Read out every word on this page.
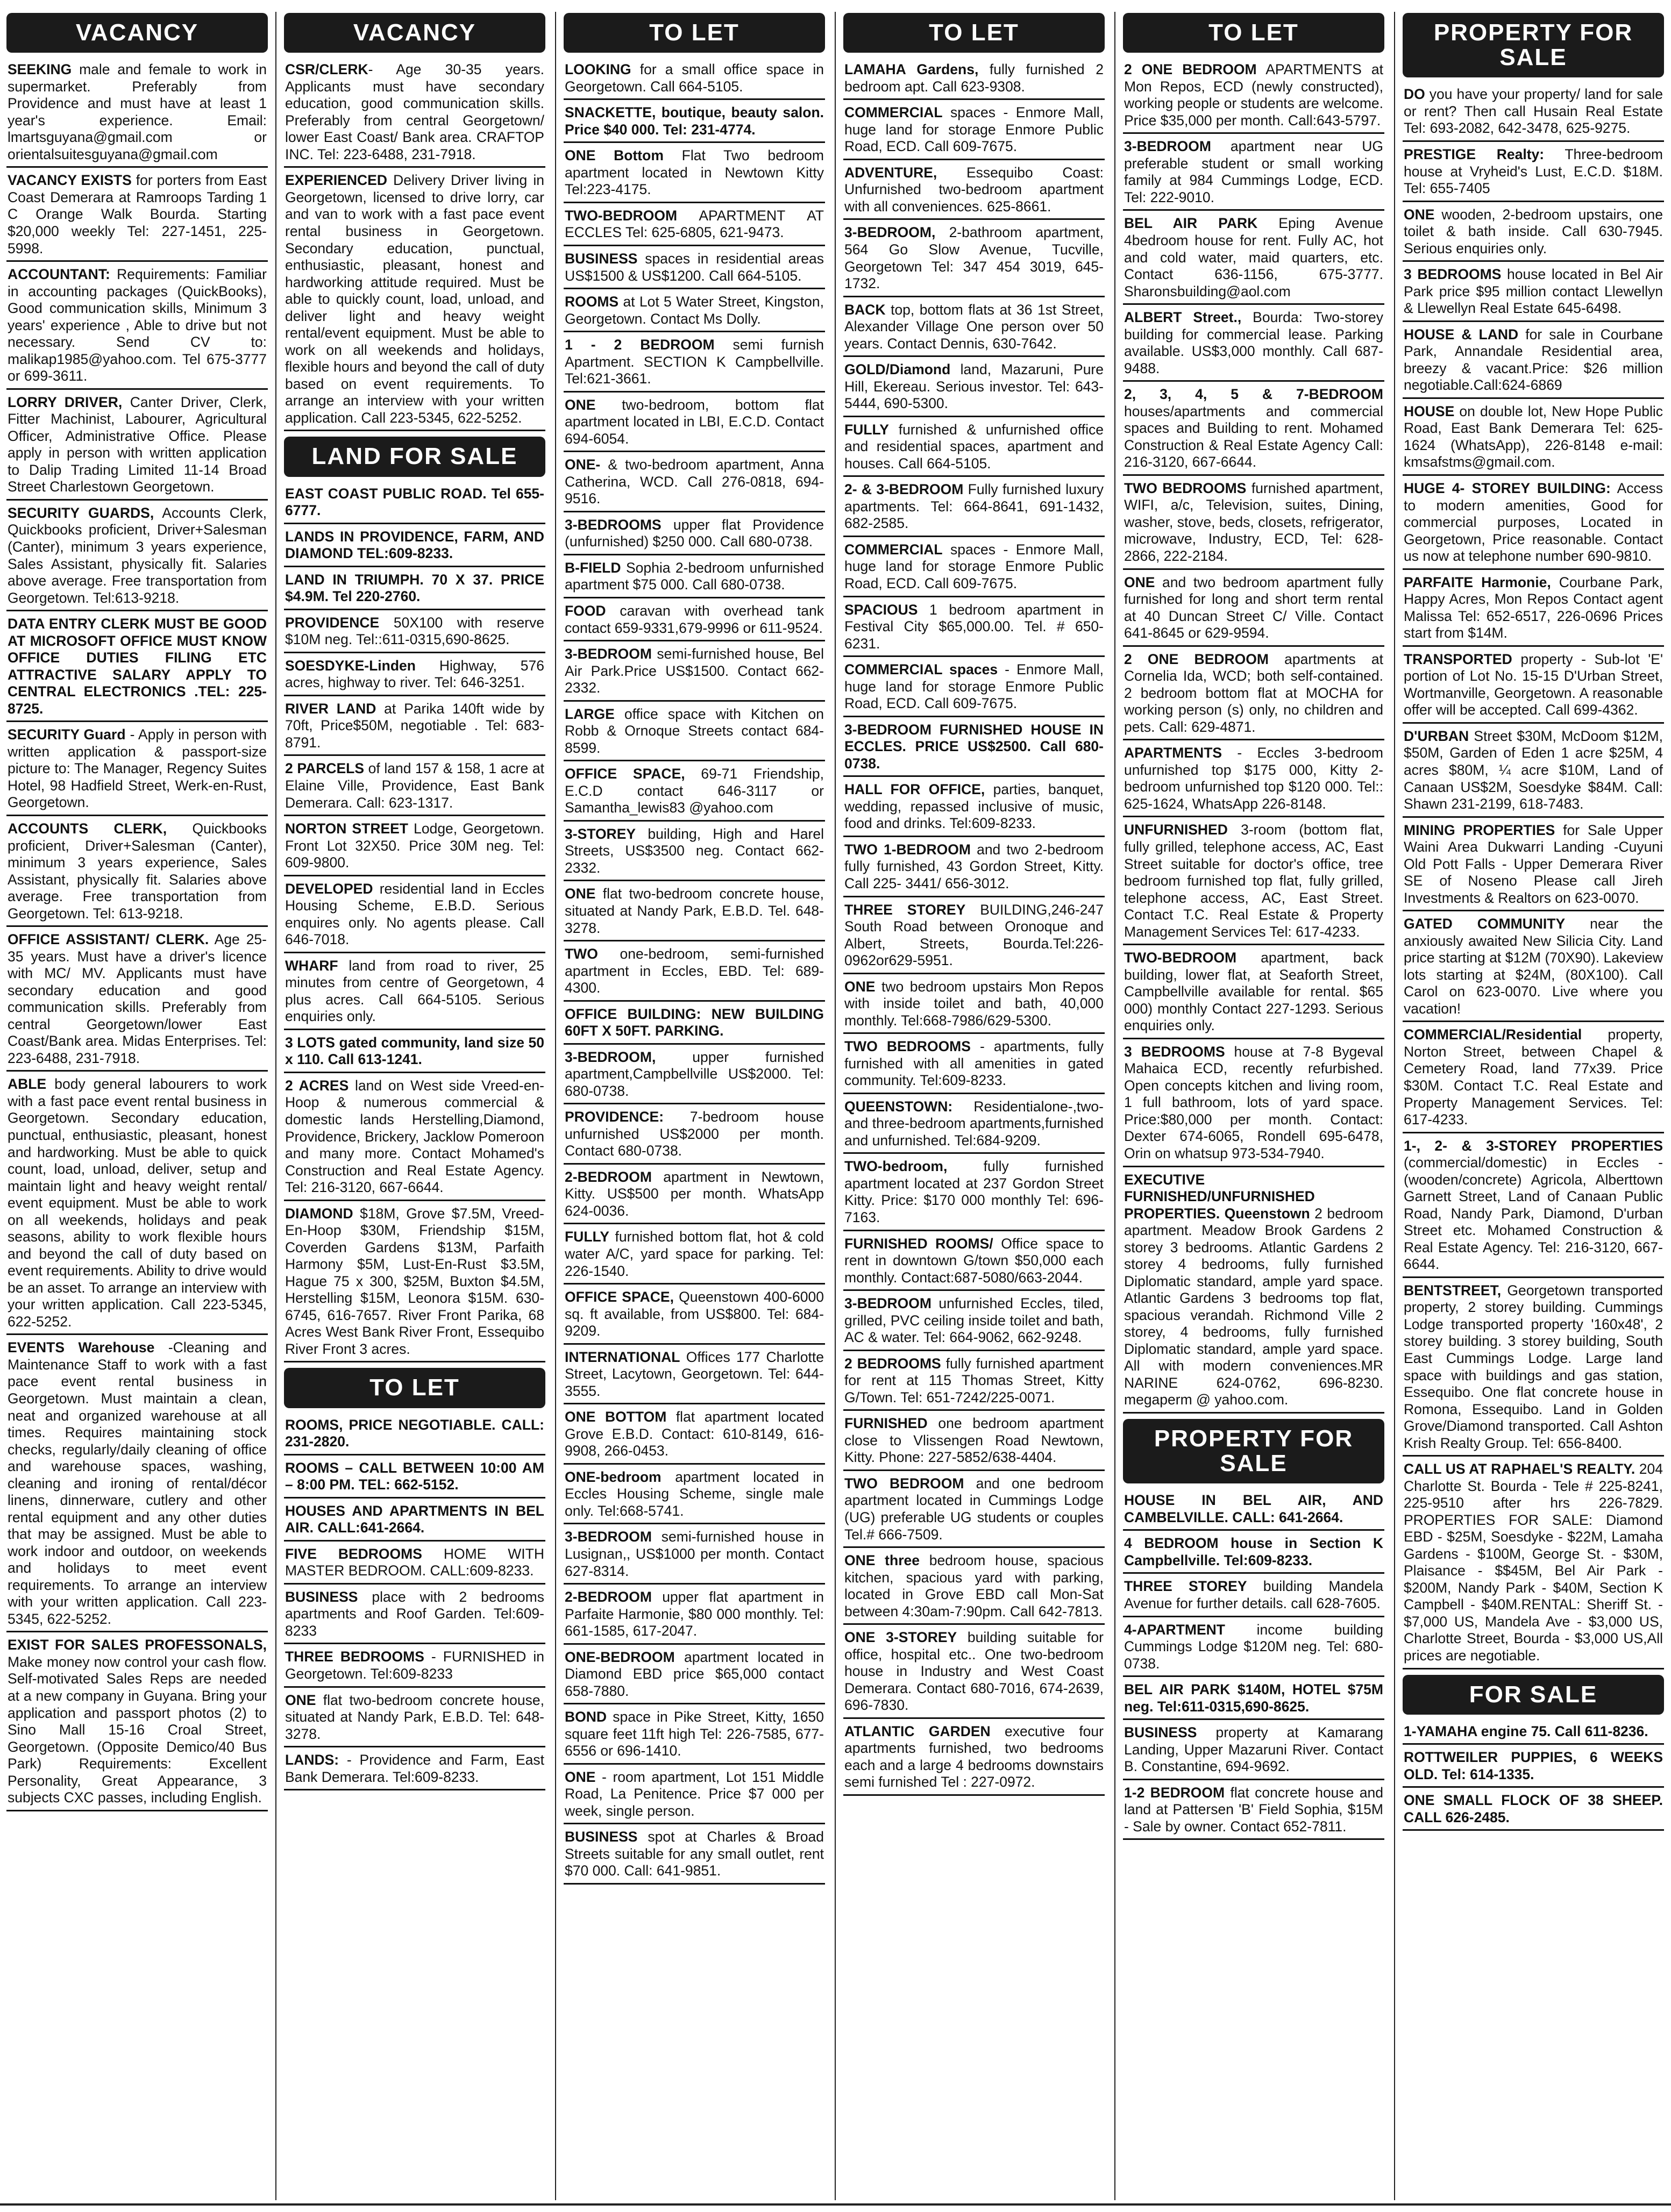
VACANCY
SEEKING male and female to work in supermarket. Preferably from Providence and must have at least 1 year's experience. Email: lmartsguyana@gmail.com or orientalsuitesguyana@gmail.com
VACANCY EXISTS for porters from East Coast Demerara at Ramroops Tarding 1 C Orange Walk Bourda. Starting $20,000 weekly Tel: 227-1451, 225-5998.
ACCOUNTANT: Requirements: Familiar in accounting packages (QuickBooks), Good communication skills, Minimum 3 years' experience , Able to drive but not necessary. Send CV to: malikap1985@yahoo.com. Tel 675-3777 or 699-3611.
LORRY DRIVER, Canter Driver, Clerk, Fitter Machinist, Labourer, Agricultural Officer, Administrative Office. Please apply in person with written application to Dalip Trading Limited 11-14 Broad Street Charlestown Georgetown.
SECURITY GUARDS, Accounts Clerk, Quickbooks proficient, Driver+Salesman (Canter), minimum 3 years experience, Sales Assistant, physically fit. Salaries above average. Free transportation from Georgetown. Tel:613-9218.
DATA ENTRY CLERK MUST BE GOOD AT MICROSOFT OFFICE MUST KNOW OFFICE DUTIES FILING ETC ATTRACTIVE SALARY APPLY TO CENTRAL ELECTRONICS .TEL: 225-8725.
SECURITY Guard - Apply in person with written application & passport-size picture to: The Manager, Regency Suites Hotel, 98 Hadfield Street, Werk-en-Rust, Georgetown.
ACCOUNTS CLERK, Quickbooks proficient, Driver+Salesman (Canter), minimum 3 years experience, Sales Assistant, physically fit. Salaries above average. Free transportation from Georgetown. Tel: 613-9218.
OFFICE ASSISTANT/ CLERK. Age 25-35 years. Must have a driver's licence with MC/ MV. Applicants must have secondary education and good communication skills. Preferably from central Georgetown/lower East Coast/Bank area. Midas Enterprises. Tel: 223-6488, 231-7918.
ABLE body general labourers to work with a fast pace event rental business in Georgetown. Secondary education, punctual, enthusiastic, pleasant, honest and hardworking. Must be able to quick count, load, unload, deliver, setup and maintain light and heavy weight rental/ event equipment. Must be able to work on all weekends, holidays and peak seasons, ability to work flexible hours and beyond the call of duty based on event requirements. Ability to drive would be an asset. To arrange an interview with your written application. Call 223-5345, 622-5252.
EVENTS Warehouse -Cleaning and Maintenance Staff to work with a fast pace event rental business in Georgetown. Must maintain a clean, neat and organized warehouse at all times. Requires maintaining stock checks, regularly/daily cleaning of office and warehouse spaces, washing, cleaning and ironing of rental/décor linens, dinnerware, cutlery and other rental equipment and any other duties that may be assigned. Must be able to work indoor and outdoor, on weekends and holidays to meet event requirements. To arrange an interview with your written application. Call 223-5345, 622-5252.
EXIST FOR SALES PROFESSONALS, Make money now control your cash flow. Self-motivated Sales Reps are needed at a new company in Guyana. Bring your application and passport photos (2) to Sino Mall 15-16 Croal Street, Georgetown. (Opposite Demico/40 Bus Park) Requirements: Excellent Personality, Great Appearance, 3 subjects CXC passes, including English.
VACANCY
CSR/CLERK- Age 30-35 years. Applicants must have secondary education, good communication skills. Preferably from central Georgetown/ lower East Coast/ Bank area. CRAFTOP INC. Tel: 223-6488, 231-7918.
EXPERIENCED Delivery Driver living in Georgetown, licensed to drive lorry, car and van to work with a fast pace event rental business in Georgetown. Secondary education, punctual, enthusiastic, pleasant, honest and hardworking attitude required. Must be able to quickly count, load, unload, and deliver light and heavy weight rental/event equipment. Must be able to work on all weekends and holidays, flexible hours and beyond the call of duty based on event requirements. To arrange an interview with your written application. Call 223-5345, 622-5252.
LAND FOR SALE
EAST COAST PUBLIC ROAD. Tel 655-6777.
LANDS IN PROVIDENCE, FARM, AND DIAMOND TEL:609-8233.
LAND IN TRIUMPH. 70 X 37. PRICE $4.9M. Tel 220-2760.
PROVIDENCE 50X100 with reserve $10M neg. Tel::611-0315,690-8625.
SOESDYKE-Linden Highway, 576 acres, highway to river. Tel: 646-3251.
RIVER LAND at Parika 140ft wide by 70ft, Price$50M, negotiable . Tel: 683-8791.
2 PARCELS of land 157 & 158, 1 acre at Elaine Ville, Providence, East Bank Demerara. Call: 623-1317.
NORTON STREET Lodge, Georgetown. Front Lot 32X50. Price 30M neg. Tel: 609-9800.
DEVELOPED residential land in Eccles Housing Scheme, E.B.D. Serious enquires only. No agents please. Call 646-7018.
WHARF land from road to river, 25 minutes from centre of Georgetown, 4 plus acres. Call 664-5105. Serious enquiries only.
3 LOTS gated community, land size 50 x 110. Call 613-1241.
2 ACRES land on West side Vreed-en-Hoop & numerous commercial & domestic lands Herstelling,Diamond, Providence, Brickery, Jacklow Pomeroon and many more. Contact Mohamed's Construction and Real Estate Agency. Tel: 216-3120, 667-6644.
DIAMOND $18M, Grove $7.5M, Vreed-En-Hoop $30M, Friendship $15M, Coverden Gardens $13M, Parfaith Harmony $5M, Lust-En-Rust $3.5M, Hague 75 x 300, $25M, Buxton $4.5M, Herstelling $15M, Leonora $15M. 630-6745, 616-7657. River Front Parika, 68 Acres West Bank River Front, Essequibo River Front 3 acres.
TO LET
ROOMS, PRICE NEGOTIABLE. CALL: 231-2820.
ROOMS – CALL BETWEEN 10:00 AM – 8:00 PM. TEL: 662-5152.
HOUSES AND APARTMENTS IN BEL AIR. CALL:641-2664.
FIVE BEDROOMS HOME WITH MASTER BEDROOM. CALL:609-8233.
BUSINESS place with 2 bedrooms apartments and Roof Garden. Tel:609-8233
THREE BEDROOMS - FURNISHED in Georgetown. Tel:609-8233
ONE flat two-bedroom concrete house, situated at Nandy Park, E.B.D. Tel: 648-3278.
LANDS: - Providence and Farm, East Bank Demerara. Tel:609-8233.
TO LET
LOOKING for a small office space in Georgetown. Call 664-5105.
SNACKETTE, boutique, beauty salon. Price $40 000. Tel: 231-4774.
ONE Bottom Flat Two bedroom apartment located in Newtown Kitty Tel:223-4175.
TWO-BEDROOM APARTMENT AT ECCLES Tel: 625-6805, 621-9473.
BUSINESS spaces in residential areas US$1500 & US$1200. Call 664-5105.
ROOMS at Lot 5 Water Street, Kingston, Georgetown. Contact Ms Dolly.
1 - 2 BEDROOM semi furnish Apartment. SECTION K Campbellville. Tel:621-3661.
ONE two-bedroom, bottom flat apartment located in LBI, E.C.D. Contact 694-6054.
ONE- & two-bedroom apartment, Anna Catherina, WCD. Call 276-0818, 694-9516.
3-BEDROOMS upper flat Providence (unfurnished) $250 000. Call 680-0738.
B-FIELD Sophia 2-bedroom unfurnished apartment $75 000. Call 680-0738.
FOOD caravan with overhead tank contact 659-9331,679-9996 or 611-9524.
3-BEDROOM semi-furnished house, Bel Air Park.Price US$1500. Contact 662-2332.
LARGE office space with Kitchen on Robb & Ornoque Streets contact 684-8599.
OFFICE SPACE, 69-71 Friendship, E.C.D contact 646-3117 or Samantha_lewis83 @yahoo.com
3-STOREY building, High and Harel Streets, US$3500 neg. Contact 662-2332.
ONE flat two-bedroom concrete house, situated at Nandy Park, E.B.D. Tel. 648-3278.
TWO one-bedroom, semi-furnished apartment in Eccles, EBD. Tel: 689-4300.
OFFICE BUILDING: NEW BUILDING 60FT X 50FT. PARKING.
3-BEDROOM, upper furnished apartment,Campbellville US$2000. Tel: 680-0738.
PROVIDENCE: 7-bedroom house unfurnished US$2000 per month. Contact 680-0738.
2-BEDROOM apartment in Newtown, Kitty. US$500 per month. WhatsApp 624-0036.
FULLY furnished bottom flat, hot & cold water A/C, yard space for parking. Tel: 226-1540.
OFFICE SPACE, Queenstown 400-6000 sq. ft available, from US$800. Tel: 684-9209.
INTERNATIONAL Offices 177 Charlotte Street, Lacytown, Georgetown. Tel: 644-3555.
ONE BOTTOM flat apartment located Grove E.B.D. Contact: 610-8149, 616-9908, 266-0453.
ONE-bedroom apartment located in Eccles Housing Scheme, single male only. Tel:668-5741.
3-BEDROOM semi-furnished house in Lusignan,, US$1000 per month. Contact 627-8314.
2-BEDROOM upper flat apartment in Parfaite Harmonie, $80 000 monthly. Tel: 661-1585, 617-2047.
ONE-BEDROOM apartment located in Diamond EBD price $65,000 contact 658-7880.
BOND space in Pike Street, Kitty, 1650 square feet 11ft high Tel: 226-7585, 677-6556 or 696-1410.
ONE - room apartment, Lot 151 Middle Road, La Penitence. Price $7 000 per week, single person.
BUSINESS spot at Charles & Broad Streets suitable for any small outlet, rent $70 000. Call: 641-9851.
TO LET
LAMAHA Gardens, fully furnished 2 bedroom apt. Call 623-9308.
COMMERCIAL spaces - Enmore Mall, huge land for storage Enmore Public Road, ECD. Call 609-7675.
ADVENTURE, Essequibo Coast: Unfurnished two-bedroom apartment with all conveniences. 625-8661.
3-BEDROOM, 2-bathroom apartment, 564 Go Slow Avenue, Tucville, Georgetown Tel: 347 454 3019, 645-1732.
BACK top, bottom flats at 36 1st Street, Alexander Village One person over 50 years. Contact Dennis, 630-7642.
GOLD/Diamond land, Mazaruni, Pure Hill, Ekereau. Serious investor. Tel: 643-5444, 690-5300.
FULLY furnished & unfurnished office and residential spaces, apartment and houses. Call 664-5105.
2- & 3-BEDROOM Fully furnished luxury apartments. Tel: 664-8641, 691-1432, 682-2585.
COMMERCIAL spaces - Enmore Mall, huge land for storage Enmore Public Road, ECD. Call 609-7675.
SPACIOUS 1 bedroom apartment in Festival City $65,000.00. Tel. # 650-6231.
COMMERCIAL spaces - Enmore Mall, huge land for storage Enmore Public Road, ECD. Call 609-7675.
3-BEDROOM FURNISHED HOUSE IN ECCLES. PRICE US$2500. Call 680-0738.
HALL FOR OFFICE, parties, banquet, wedding, repassed inclusive of music, food and drinks. Tel:609-8233.
TWO 1-BEDROOM and two 2-bedroom fully furnished, 43 Gordon Street, Kitty. Call 225- 3441/ 656-3012.
THREE STOREY BUILDING,246-247 South Road between Oronoque and Albert, Streets, Bourda.Tel:226-0962or629-5951.
ONE two bedroom upstairs Mon Repos with inside toilet and bath, 40,000 monthly. Tel:668-7986/629-5300.
TWO BEDROOMS - apartments, fully furnished with all amenities in gated community. Tel:609-8233.
QUEENSTOWN: Residentialone-,two-and three-bedroom apartments,furnished and unfurnished. Tel:684-9209.
TWO-bedroom, fully furnished apartment located at 237 Gordon Street Kitty. Price: $170 000 monthly Tel: 696-7163.
FURNISHED ROOMS/ Office space to rent in downtown G/town $50,000 each monthly. Contact:687-5080/663-2044.
3-BEDROOM unfurnished Eccles, tiled, grilled, PVC ceiling inside toilet and bath, AC & water. Tel: 664-9062, 662-9248.
2 BEDROOMS fully furnished apartment for rent at 115 Thomas Street, Kitty G/Town. Tel: 651-7242/225-0071.
FURNISHED one bedroom apartment close to Vlissengen Road Newtown, Kitty. Phone: 227-5852/638-4404.
TWO BEDROOM and one bedroom apartment located in Cummings Lodge (UG) preferable UG students or couples Tel.# 666-7509.
ONE three bedroom house, spacious kitchen, spacious yard with parking, located in Grove EBD call Mon-Sat between 4:30am-7:90pm. Call 642-7813.
ONE 3-STOREY building suitable for office, hospital etc.. One two-bedroom house in Industry and West Coast Demerara. Contact 680-7016, 674-2639, 696-7830.
ATLANTIC GARDEN executive four apartments furnished, two bedrooms each and a large 4 bedrooms downstairs semi furnished Tel : 227-0972.
TO LET
2 ONE BEDROOM APARTMENTS at Mon Repos, ECD (newly constructed), working people or students are welcome. Price $35,000 per month. Call:643-5797.
3-BEDROOM apartment near UG preferable student or small working family at 984 Cummings Lodge, ECD. Tel: 222-9010.
BEL AIR PARK Eping Avenue 4bedroom house for rent. Fully AC, hot and cold water, maid quarters, etc. Contact 636-1156, 675-3777. Sharonsbuilding@aol.com
ALBERT Street., Bourda: Two-storey building for commercial lease. Parking available. US$3,000 monthly. Call 687-9488.
2, 3, 4, 5 & 7-BEDROOM houses/apartments and commercial spaces and Building to rent. Mohamed Construction & Real Estate Agency Call: 216-3120, 667-6644.
TWO BEDROOMS furnished apartment, WIFI, a/c, Television, suites, Dining, washer, stove, beds, closets, refrigerator, microwave, Industry, ECD, Tel: 628-2866, 222-2184.
ONE and two bedroom apartment fully furnished for long and short term rental at 40 Duncan Street C/ Ville. Contact 641-8645 or 629-9594.
2 ONE BEDROOM apartments at Cornelia Ida, WCD; both self-contained. 2 bedroom bottom flat at MOCHA for working person (s) only, no children and pets. Call: 629-4871.
APARTMENTS - Eccles 3-bedroom unfurnished top $175 000, Kitty 2-bedroom unfurnished top $120 000. Tel:: 625-1624, WhatsApp 226-8148.
UNFURNISHED 3-room (bottom flat, fully grilled, telephone access, AC, East Street suitable for doctor's office, tree bedroom furnished top flat, fully grilled, telephone access, AC, East Street. Contact T.C. Real Estate & Property Management Services Tel: 617-4233.
TWO-BEDROOM apartment, back building, lower flat, at Seaforth Street, Campbellville available for rental. $65 000) monthly Contact 227-1293. Serious enquiries only.
3 BEDROOMS house at 7-8 Bygeval Mahaica ECD, recently refurbished. Open concepts kitchen and living room, 1 full bathroom, lots of yard space. Price:$80,000 per month. Contact: Dexter 674-6065, Rondell 695-6478, Orin on whatsup 973-534-7940.
EXECUTIVE FURNISHED/UNFURNISHED PROPERTIES. Queenstown 2 bedroom apartment. Meadow Brook Gardens 2 storey 3 bedrooms. Atlantic Gardens 2 storey 4 bedrooms, fully furnished Diplomatic standard, ample yard space. Atlantic Gardens 3 bedrooms top flat, spacious verandah. Richmond Ville 2 storey, 4 bedrooms, fully furnished Diplomatic standard, ample yard space. All with modern conveniences.MR NARINE 624-0762, 696-8230. megaperm @ yahoo.com.
PROPERTY FOR SALE
HOUSE IN BEL AIR, AND CAMBELVILLE. CALL: 641-2664.
4 BEDROOM house in Section K Campbellville. Tel:609-8233.
THREE STOREY building Mandela Avenue for further details. call 628-7605.
4-APARTMENT income building Cummings Lodge $120M neg. Tel: 680-0738.
BEL AIR PARK $140M, HOTEL $75M neg. Tel:611-0315,690-8625.
BUSINESS property at Kamarang Landing, Upper Mazaruni River. Contact B. Constantine, 694-9692.
1-2 BEDROOM flat concrete house and land at Pattersen 'B' Field Sophia, $15M - Sale by owner. Contact 652-7811.
PROPERTY FOR SALE
DO you have your property/ land for sale or rent? Then call Husain Real Estate Tel: 693-2082, 642-3478, 625-9275.
PRESTIGE Realty: Three-bedroom house at Vryheid's Lust, E.C.D. $18M. Tel: 655-7405
ONE wooden, 2-bedroom upstairs, one toilet & bath inside. Call 630-7945. Serious enquiries only.
3 BEDROOMS house located in Bel Air Park price $95 million contact Llewellyn & Llewellyn Real Estate 645-6498.
HOUSE & LAND for sale in Courbane Park, Annandale Residential area, breezy & vacant.Price: $26 million negotiable.Call:624-6869
HOUSE on double lot, New Hope Public Road, East Bank Demerara Tel: 625-1624 (WhatsApp), 226-8148 e-mail: kmsafstms@gmail.com.
HUGE 4- STOREY BUILDING: Access to modern amenities, Good for commercial purposes, Located in Georgetown, Price reasonable. Contact us now at telephone number 690-9810.
PARFAITE Harmonie, Courbane Park, Happy Acres, Mon Repos Contact agent Malissa Tel: 652-6517, 226-0696 Prices start from $14M.
TRANSPORTED property - Sub-lot 'E' portion of Lot No. 15-15 D'Urban Street, Wortmanville, Georgetown. A reasonable offer will be accepted. Call 699-4362.
D'URBAN Street $30M, McDoom $12M, $50M, Garden of Eden 1 acre $25M, 4 acres $80M, ¼ acre $10M, Land of Canaan US$2M, Soesdyke $84M. Call: Shawn 231-2199, 618-7483.
MINING PROPERTIES for Sale Upper Waini Area Dukwarri Landing -Cuyuni Old Pott Falls - Upper Demerara River SE of Noseno Please call Jireh Investments & Realtors on 623-0070.
GATED COMMUNITY near the anxiously awaited New Silicia City. Land price starting at $12M (70X90). Lakeview lots starting at $24M, (80X100). Call Carol on 623-0070. Live where you vacation!
COMMERCIAL/Residential property, Norton Street, between Chapel & Cemetery Road, land 77x39. Price $30M. Contact T.C. Real Estate and Property Management Services. Tel: 617-4233.
1-, 2- & 3-STOREY PROPERTIES (commercial/domestic) in Eccles - (wooden/concrete) Agricola, Alberttown Garnett Street, Land of Canaan Public Road, Nandy Park, Diamond, D'urban Street etc. Mohamed Construction & Real Estate Agency. Tel: 216-3120, 667-6644.
BENTSTREET, Georgetown transported property, 2 storey building. Cummings Lodge transported property '160x48', 2 storey building. 3 storey building, South East Cummings Lodge. Large land space with buildings and gas station, Essequibo. One flat concrete house in Romona, Essequibo. Land in Golden Grove/Diamond transported. Call Ashton Krish Realty Group. Tel: 656-8400.
CALL US AT RAPHAEL'S REALTY. 204 Charlotte St. Bourda - Tele # 225-8241, 225-9510 after hrs 226-7829. PROPERTIES FOR SALE: Diamond EBD - $25M, Soesdyke - $22M, Lamaha Gardens - $100M, George St. - $30M, Plaisance - $$45M, Bel Air Park - $200M, Nandy Park - $40M, Section K Campbell - $40M.RENTAL: Sheriff St. - $7,000 US, Mandela Ave - $3,000 US, Charlotte Street, Bourda - $3,000 US,All prices are negotiable.
FOR SALE
1-YAMAHA engine 75. Call 611-8236.
ROTTWEILER PUPPIES, 6 WEEKS OLD. Tel: 614-1335.
ONE SMALL FLOCK OF 38 SHEEP. CALL 626-2485.
